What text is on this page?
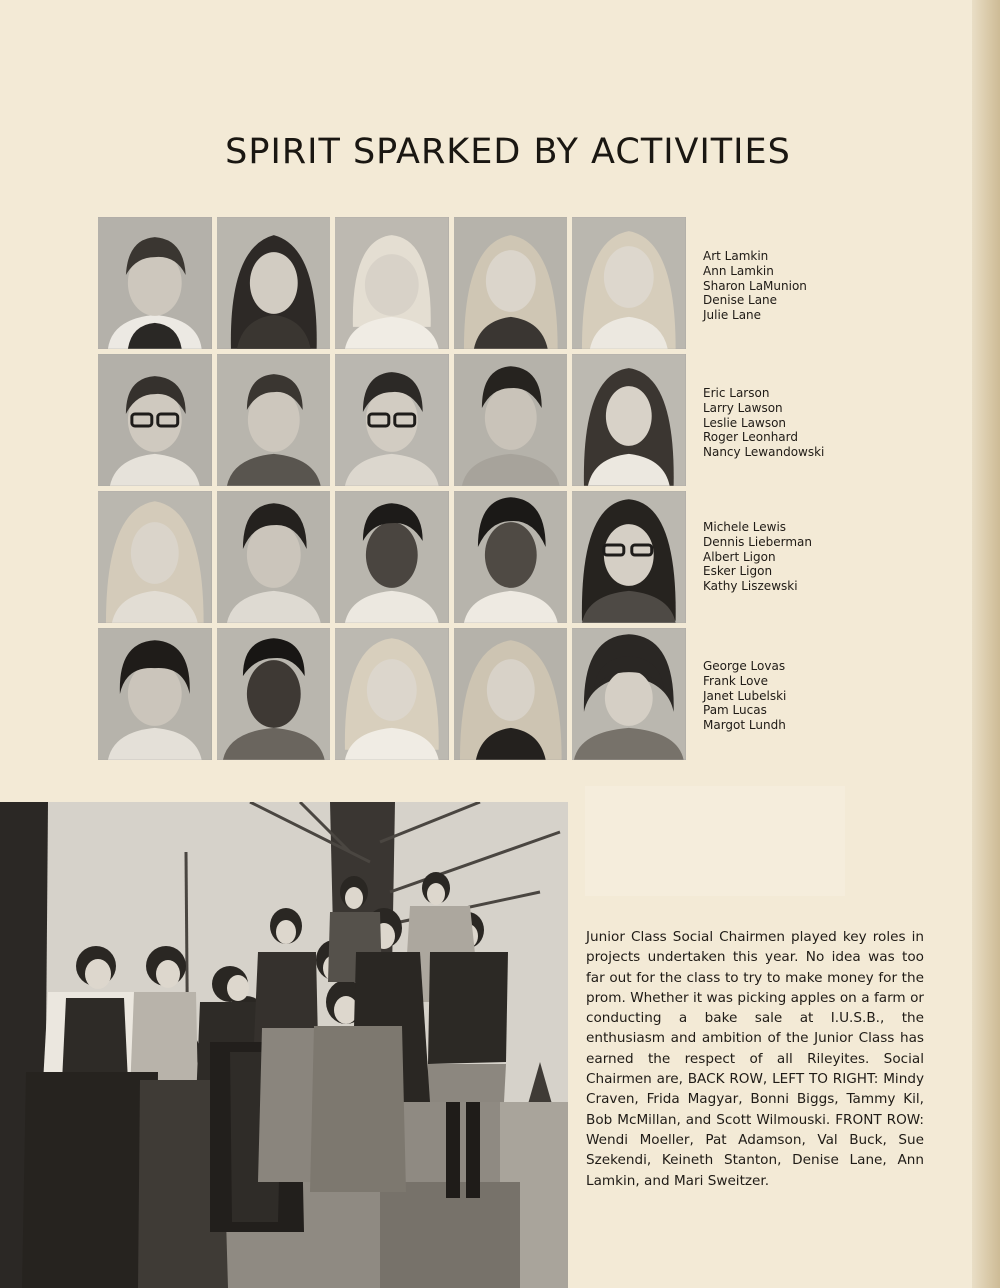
SPIRIT SPARKED BY ACTIVITIES
Art Lamkin
Ann Lamkin
Sharon LaMunion
Denise Lane
Julie Lane
Eric Larson
Larry Lawson
Leslie Lawson
Roger Leonhard
Nancy Lewandowski
Michele Lewis
Dennis Lieberman
Albert Ligon
Esker Ligon
Kathy Liszewski
George Lovas
Frank Love
Janet Lubelski
Pam Lucas
Margot Lundh

Junior Class Social Chairmen played key roles in projects undertaken this year. No idea was too far out for the class to try to make money for the prom. Whether it was picking apples on a farm or conducting a bake sale at I.U.S.B., the enthusiasm and ambition of the Junior Class has earned the respect of all Rileyites. Social Chairmen are, BACK ROW, LEFT TO RIGHT: Mindy Craven, Frida Magyar, Bonni Biggs, Tammy Kil, Bob McMillan, and Scott Wilmouski. FRONT ROW: Wendi Moeller, Pat Adamson, Val Buck, Sue Szekendi, Keineth Stanton, Denise Lane, Ann Lamkin, and Mari Sweitzer.
